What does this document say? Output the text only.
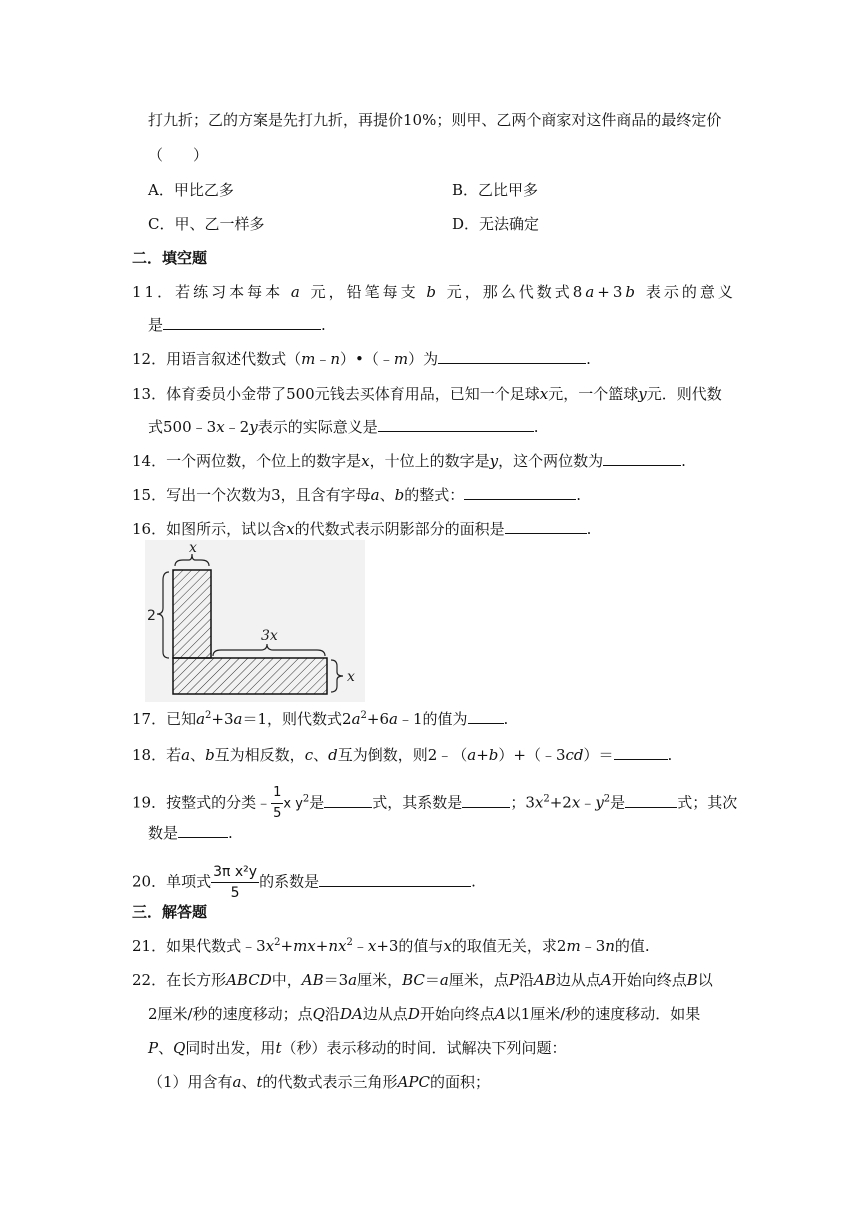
打九折；乙的方案是先打九折，再提价10%；则甲、乙两个商家对这件商品的最终定价
（　　）
A．甲比乙多	B．乙比甲多
C．甲、乙一样多	D．无法确定
二．填空题
11．若练习本每本 a 元，铅笔每支 b 元，那么代数式8a+3b 表示的意义
是	.
12．用语言叙述代数式（m﹣n）•（﹣m）为	.
13．体育委员小金带了500元钱去买体育用品，已知一个足球x元，一个篮球y元．则代数
式500﹣3x﹣2y表示的实际意义是	.
14．一个两位数，个位上的数字是x，十位上的数字是y，这个两位数为	.
15．写出一个次数为3，且含有字母a、b的整式：	.
16．如图所示，试以含x的代数式表示阴影部分的面积是	.
x
2
3x
x
17．已知$a^2+3a=1$，则代数式$2a^2+6a﹣1$的值为 .
18．若a、b互为相反数，c、d互为倒数，则2﹣（a+b）+（﹣3cd）＝	.
19．按整式的分类﹣ $\frac{1}{5}$ x $y^2$是	式，其系数是	；$3x^2+2x﹣y^2$是	式；其次
数是	.
20．单项式 $\frac{\text{3π x²y}}{5}$ 的系数是	.
三．解答题
21．如果代数式$﹣3x^2+mx+nx^2﹣x+3$的值与x的取值无关，求2m﹣3n的值.
22．在长方形ABCD中，AB＝3a厘米，BC＝a厘米，点P沿AB边从点A开始向终点B以
2厘米/秒的速度移动；点Q沿DA边从点D开始向终点A以1厘米/秒的速度移动．如果
P、Q同时出发，用t（秒）表示移动的时间．试解决下列问题：
（1）用含有a、t的代数式表示三角形APC的面积；
